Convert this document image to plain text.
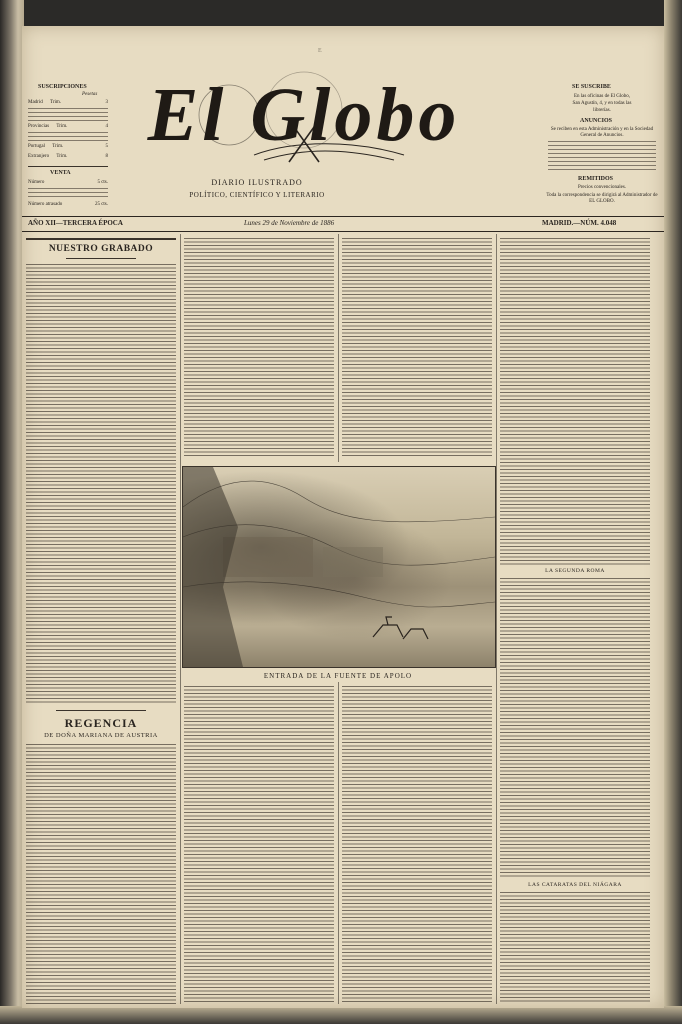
SUSCRIPCIONES
Pesetas
Madrid Trim.	3
Provincias Trim.	4
Portugal Trim.	5
Extranjero Trim.	8
VENTA
Número	5 cts.
Número atrasado	25 cts.
E
El Globo
DIARIO ILUSTRADO
POLÍTICO, CIENTÍFICO Y LITERARIO
SE SUSCRIBE
En las oficinas de El Globo,
San Agustín, 4, y en todas las
librerías.
ANUNCIOS
Se reciben en esta Administración y en la Sociedad General de Anuncios.
REMITIDOS
Precios convencionales.
Toda la correspondencia se dirigirá al Administrador de EL GLOBO.
AÑO XII—TERCERA ÉPOCA	Lunes 29 de Noviembre de 1886	MADRID.—NÚM. 4.048
NUESTRO GRABADO
REGENCIA
DE DOÑA MARIANA DE AUSTRIA
ENTRADA DE LA FUENTE DE APOLO
LA SEGUNDA ROMA
LAS CATARATAS DEL NIÁGARA
